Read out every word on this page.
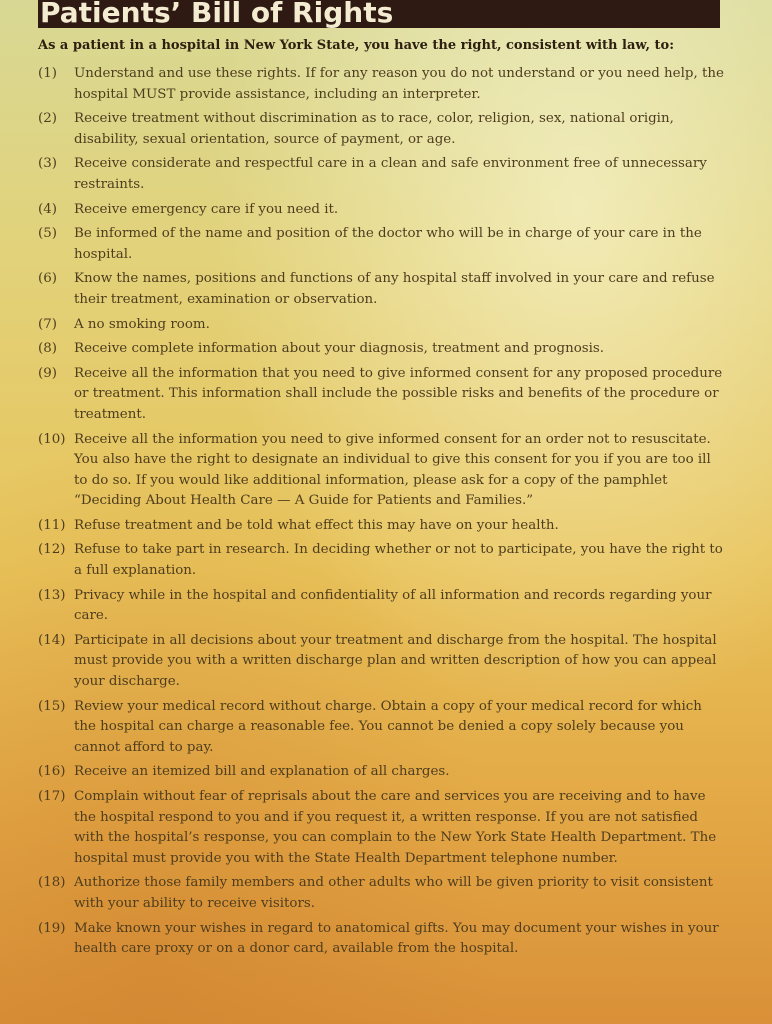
Patients’ Bill of Rights
As a patient in a hospital in New York State, you have the right, consistent with law, to:
(1)	Understand and use these rights. If for any reason you do not understand or you need help, the hospital MUST provide assistance, including an interpreter.
(2)	Receive treatment without discrimination as to race, color, religion, sex, national origin, disability, sexual orientation, source of payment, or age.
(3)	Receive considerate and respectful care in a clean and safe environment free of unnecessary restraints.
(4)	Receive emergency care if you need it.
(5)	Be informed of the name and position of the doctor who will be in charge of your care in the hospital.
(6)	Know the names, positions and functions of any hospital staff involved in your care and refuse their treatment, examination or observation.
(7)	A no smoking room.
(8)	Receive complete information about your diagnosis, treatment and prognosis.
(9)	Receive all the information that you need to give informed consent for any proposed procedure or treatment. This information shall include the possible risks and benefits of the procedure or treatment.
(10) Receive all the information you need to give informed consent for an order not to resuscitate. You also have the right to designate an individual to give this consent for you if you are too ill to do so. If you would like additional information, please ask for a copy of the pamphlet “Deciding About Health Care — A Guide for Patients and Families.”
(11) Refuse treatment and be told what effect this may have on your health.
(12) Refuse to take part in research. In deciding whether or not to participate, you have the right to a full explanation.
(13) Privacy while in the hospital and confidentiality of all information and records regarding your care.
(14) Participate in all decisions about your treatment and discharge from the hospital. The hospital must provide you with a written discharge plan and written description of how you can appeal your discharge.
(15) Review your medical record without charge. Obtain a copy of your medical record for which the hospital can charge a reasonable fee. You cannot be denied a copy solely because you cannot afford to pay.
(16) Receive an itemized bill and explanation of all charges.
(17) Complain without fear of reprisals about the care and services you are receiving and to have the hospital respond to you and if you request it, a written response. If you are not satisfied with the hospital’s response, you can complain to the New York State Health Department. The hospital must provide you with the State Health Department telephone number.
(18) Authorize those family members and other adults who will be given priority to visit consistent with your ability to receive visitors.
(19) Make known your wishes in regard to anatomical gifts. You may document your wishes in your health care proxy or on a donor card, available from the hospital.
